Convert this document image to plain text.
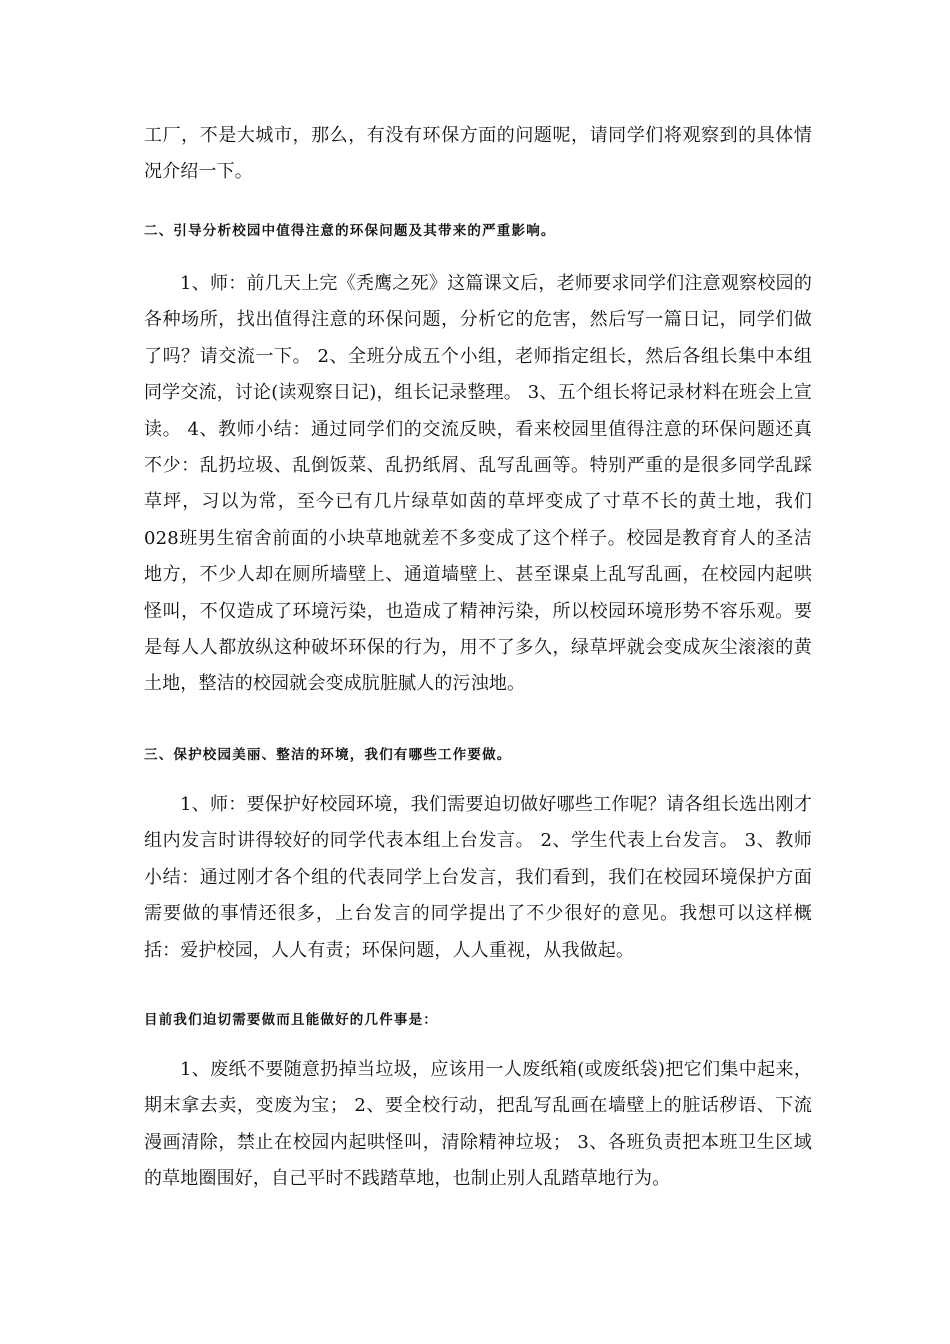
工厂，不是大城市，那么，有没有环保方面的问题呢，请同学们将观察到的具体情况介绍一下。

二、引导分析校园中值得注意的环保问题及其带来的严重影响。

1、师：前几天上完《秃鹰之死》这篇课文后，老师要求同学们注意观察校园的各种场所，找出值得注意的环保问题，分析它的危害，然后写一篇日记，同学们做了吗？请交流一下。 2、全班分成五个小组，老师指定组长，然后各组长集中本组同学交流，讨论(读观察日记)，组长记录整理。 3、五个组长将记录材料在班会上宣读。 4、教师小结：通过同学们的交流反映，看来校园里值得注意的环保问题还真不少：乱扔垃圾、乱倒饭菜、乱扔纸屑、乱写乱画等。特别严重的是很多同学乱踩草坪，习以为常，至今已有几片绿草如茵的草坪变成了寸草不长的黄土地，我们028班男生宿舍前面的小块草地就差不多变成了这个样子。校园是教育育人的圣洁地方，不少人却在厕所墙壁上、通道墙壁上、甚至课桌上乱写乱画，在校园内起哄怪叫，不仅造成了环境污染，也造成了精神污染，所以校园环境形势不容乐观。要是每人人都放纵这种破坏环保的行为，用不了多久，绿草坪就会变成灰尘滚滚的黄土地，整洁的校园就会变成肮脏腻人的污浊地。

三、保护校园美丽、整洁的环境，我们有哪些工作要做。

1、师：要保护好校园环境，我们需要迫切做好哪些工作呢？请各组长选出刚才组内发言时讲得较好的同学代表本组上台发言。 2、学生代表上台发言。 3、教师小结：通过刚才各个组的代表同学上台发言，我们看到，我们在校园环境保护方面需要做的事情还很多，上台发言的同学提出了不少很好的意见。我想可以这样概括：爱护校园，人人有责；环保问题，人人重视，从我做起。

目前我们迫切需要做而且能做好的几件事是：

1、废纸不要随意扔掉当垃圾，应该用一人废纸箱(或废纸袋)把它们集中起来，期末拿去卖，变废为宝； 2、要全校行动，把乱写乱画在墙壁上的脏话秽语、下流漫画清除，禁止在校园内起哄怪叫，清除精神垃圾； 3、各班负责把本班卫生区域的草地圈围好，自己平时不践踏草地，也制止别人乱踏草地行为。
